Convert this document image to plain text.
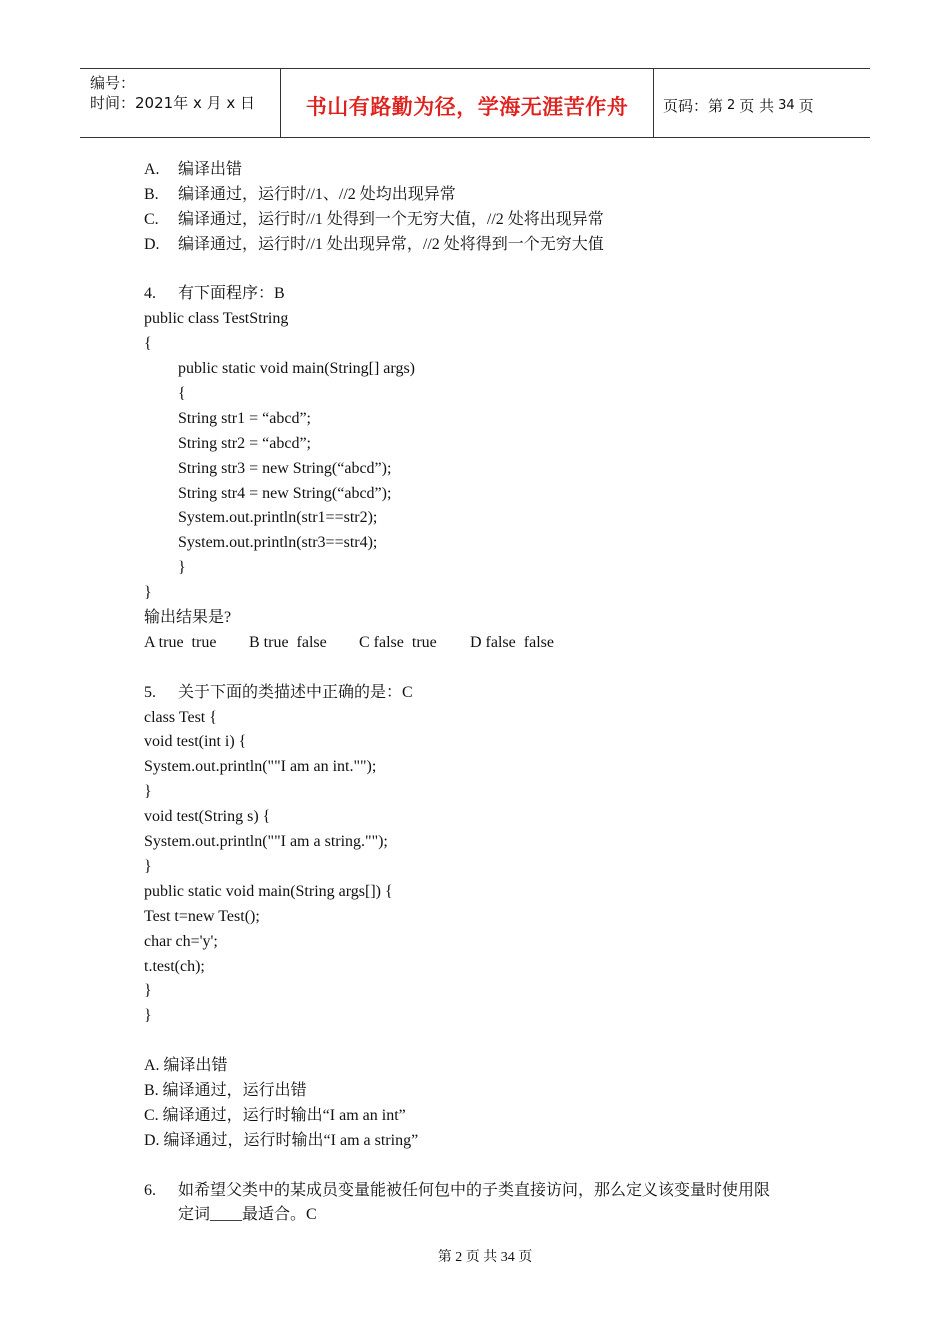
编号：
时间：2021年 x 月 x 日	书山有路勤为径，学海无涯苦作舟	页码：第 2 页 共 34 页
A. 编译出错
B. 编译通过，运行时//1、//2 处均出现异常
C. 编译通过，运行时//1 处得到一个无穷大值，//2 处将出现异常
D. 编译通过，运行时//1 处出现异常，//2 处将得到一个无穷大值
4. 有下面程序：B
public class TestString
{
public static void main(String[] args)
{
String str1 = “abcd”;
String str2 = “abcd”;
String str3 = new String(“abcd”);
String str4 = new String(“abcd”);
System.out.println(str1==str2);
System.out.println(str3==str4);
}
}
输出结果是?
A true  true B true  false C false  true D false  false
5. 关于下面的类描述中正确的是：C
class Test {
void test(int i) {
System.out.println(""I am an int."");
}
void test(String s) {
System.out.println(""I am a string."");
}
public static void main(String args[]) {
Test t=new Test();
char ch='y';
t.test(ch);
}
}
A. 编译出错
B. 编译通过，运行出错
C. 编译通过，运行时输出“I am an int”
D. 编译通过，运行时输出“I am a string”
6. 如希望父类中的某成员变量能被任何包中的子类直接访问，那么定义该变量时使用限
定词____最适合。C
第 2 页 共 34 页
